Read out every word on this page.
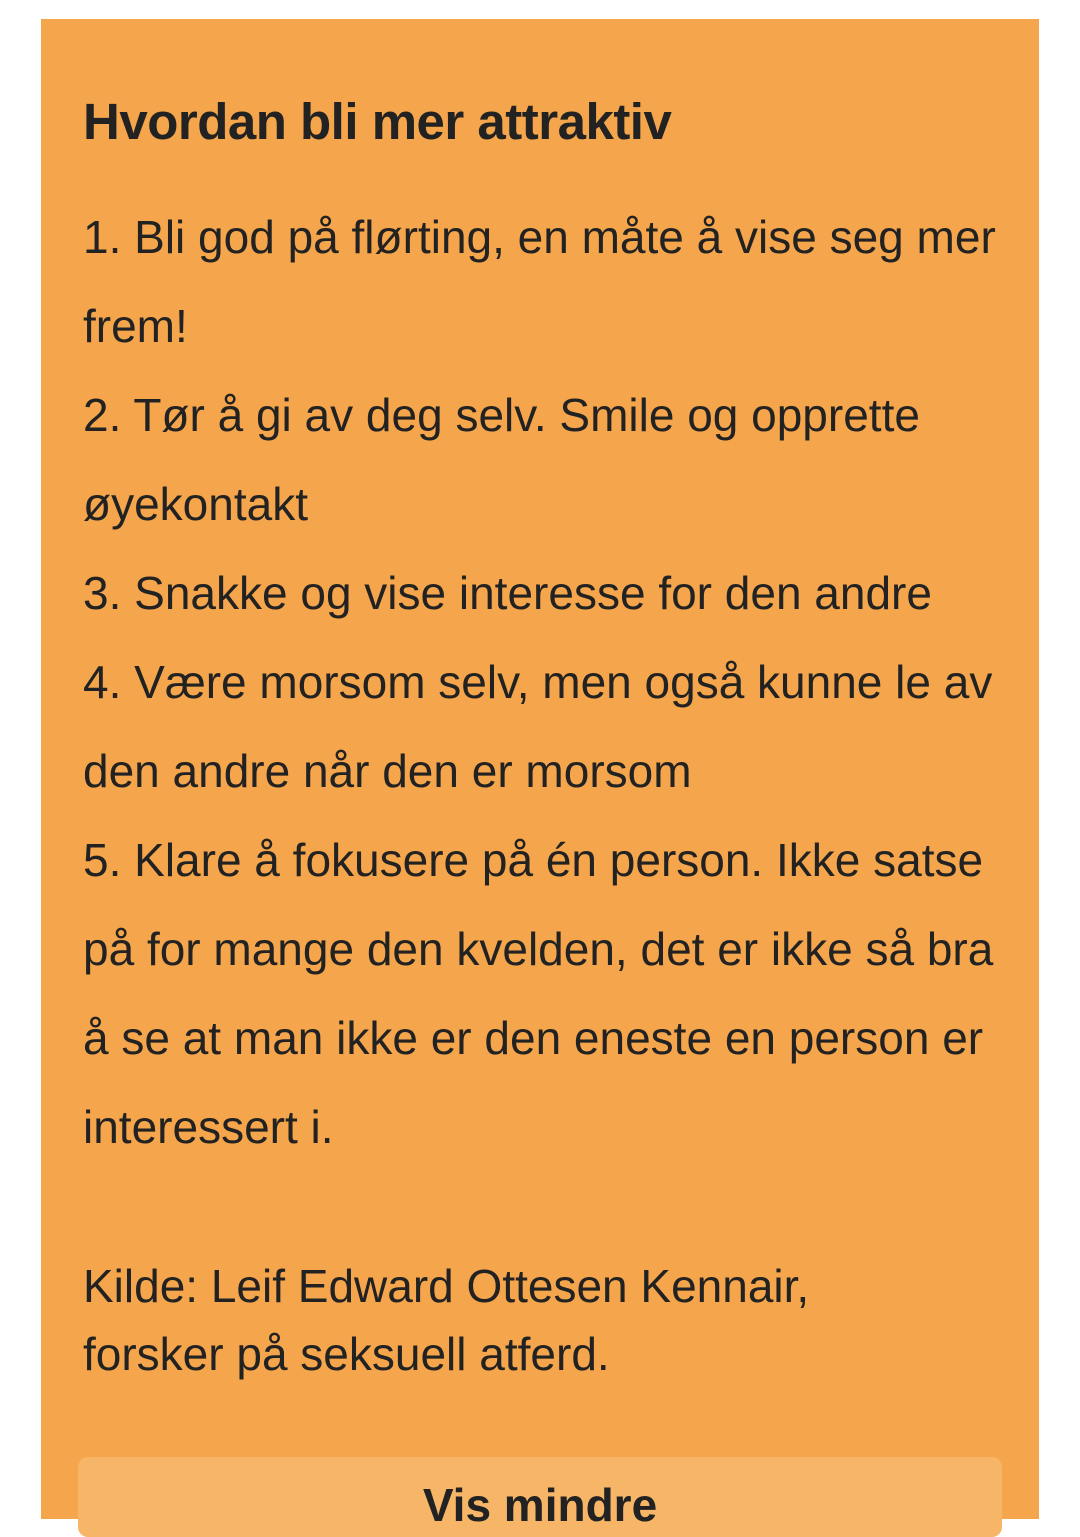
Hvordan bli mer attraktiv
1. Bli god på flørting, en måte å vise seg mer frem!
2. Tør å gi av deg selv. Smile og opprette øyekontakt
3. Snakke og vise interesse for den andre
4. Være morsom selv, men også kunne le av den andre når den er morsom
5. Klare å fokusere på én person. Ikke satse på for mange den kvelden, det er ikke så bra å se at man ikke er den eneste en person er interessert i.

Kilde: Leif Edward Ottesen Kennair,
forsker på seksuell atferd.

Vis mindre
